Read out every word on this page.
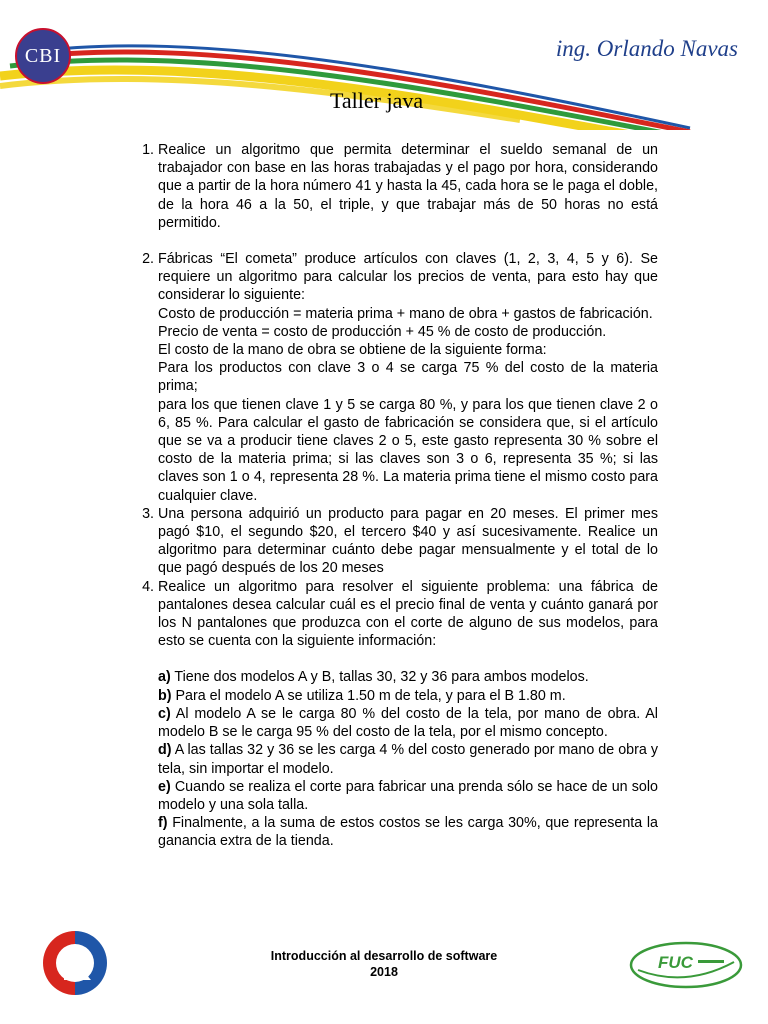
CBI	ing. Orlando Navas
Taller java

1. Realice un algoritmo que permita determinar el sueldo semanal de un trabajador con base en las horas trabajadas y el pago por hora, considerando que a partir de la hora número 41 y hasta la 45, cada hora se le paga el doble, de la hora 46 a la 50, el triple, y que trabajar más de 50 horas no está permitido.

2. Fábricas “El cometa” produce artículos con claves (1, 2, 3, 4, 5 y 6). Se requiere un algoritmo para calcular los precios de venta, para esto hay que considerar lo siguiente:

Costo de producción = materia prima + mano de obra + gastos de fabricación.

Precio de venta = costo de producción + 45 % de costo de producción.

El costo de la mano de obra se obtiene de la siguiente forma:

Para los productos con clave 3 o 4 se carga 75 % del costo de la materia prima;

para los que tienen clave 1 y 5 se carga 80 %, y para los que tienen clave 2 o 6, 85 %. Para calcular el gasto de fabricación se considera que, si el artículo que se va a producir tiene claves 2 o 5, este gasto representa 30 % sobre el costo de la materia prima; si las claves son 3 o 6, representa 35 %; si las claves son 1 o 4, representa 28 %. La materia prima tiene el mismo costo para cualquier clave.

3. Una persona adquirió un producto para pagar en 20 meses. El primer mes pagó $10, el segundo $20, el tercero $40 y así sucesivamente. Realice un algoritmo para determinar cuánto debe pagar mensualmente y el total de lo que pagó después de los 20 meses

4. Realice un algoritmo para resolver el siguiente problema: una fábrica de pantalones desea calcular cuál es el precio final de venta y cuánto ganará por los N pantalones que produzca con el corte de alguno de sus modelos, para esto se cuenta con la siguiente información:

a) Tiene dos modelos A y B, tallas 30, 32 y 36 para ambos modelos.
b) Para el modelo A se utiliza 1.50 m de tela, y para el B 1.80 m.
c) Al modelo A se le carga 80 % del costo de la tela, por mano de obra. Al modelo B se le carga 95 % del costo de la tela, por el mismo concepto.
d) A las tallas 32 y 36 se les carga 4 % del costo generado por mano de obra y tela, sin importar el modelo.
e) Cuando se realiza el corte para fabricar una prenda sólo se hace de un solo modelo y una sola talla.
f) Finalmente, a la suma de estos costos se les carga 30%, que representa la ganancia extra de la tienda.
Introducción al desarrollo de software
2018	FUC
